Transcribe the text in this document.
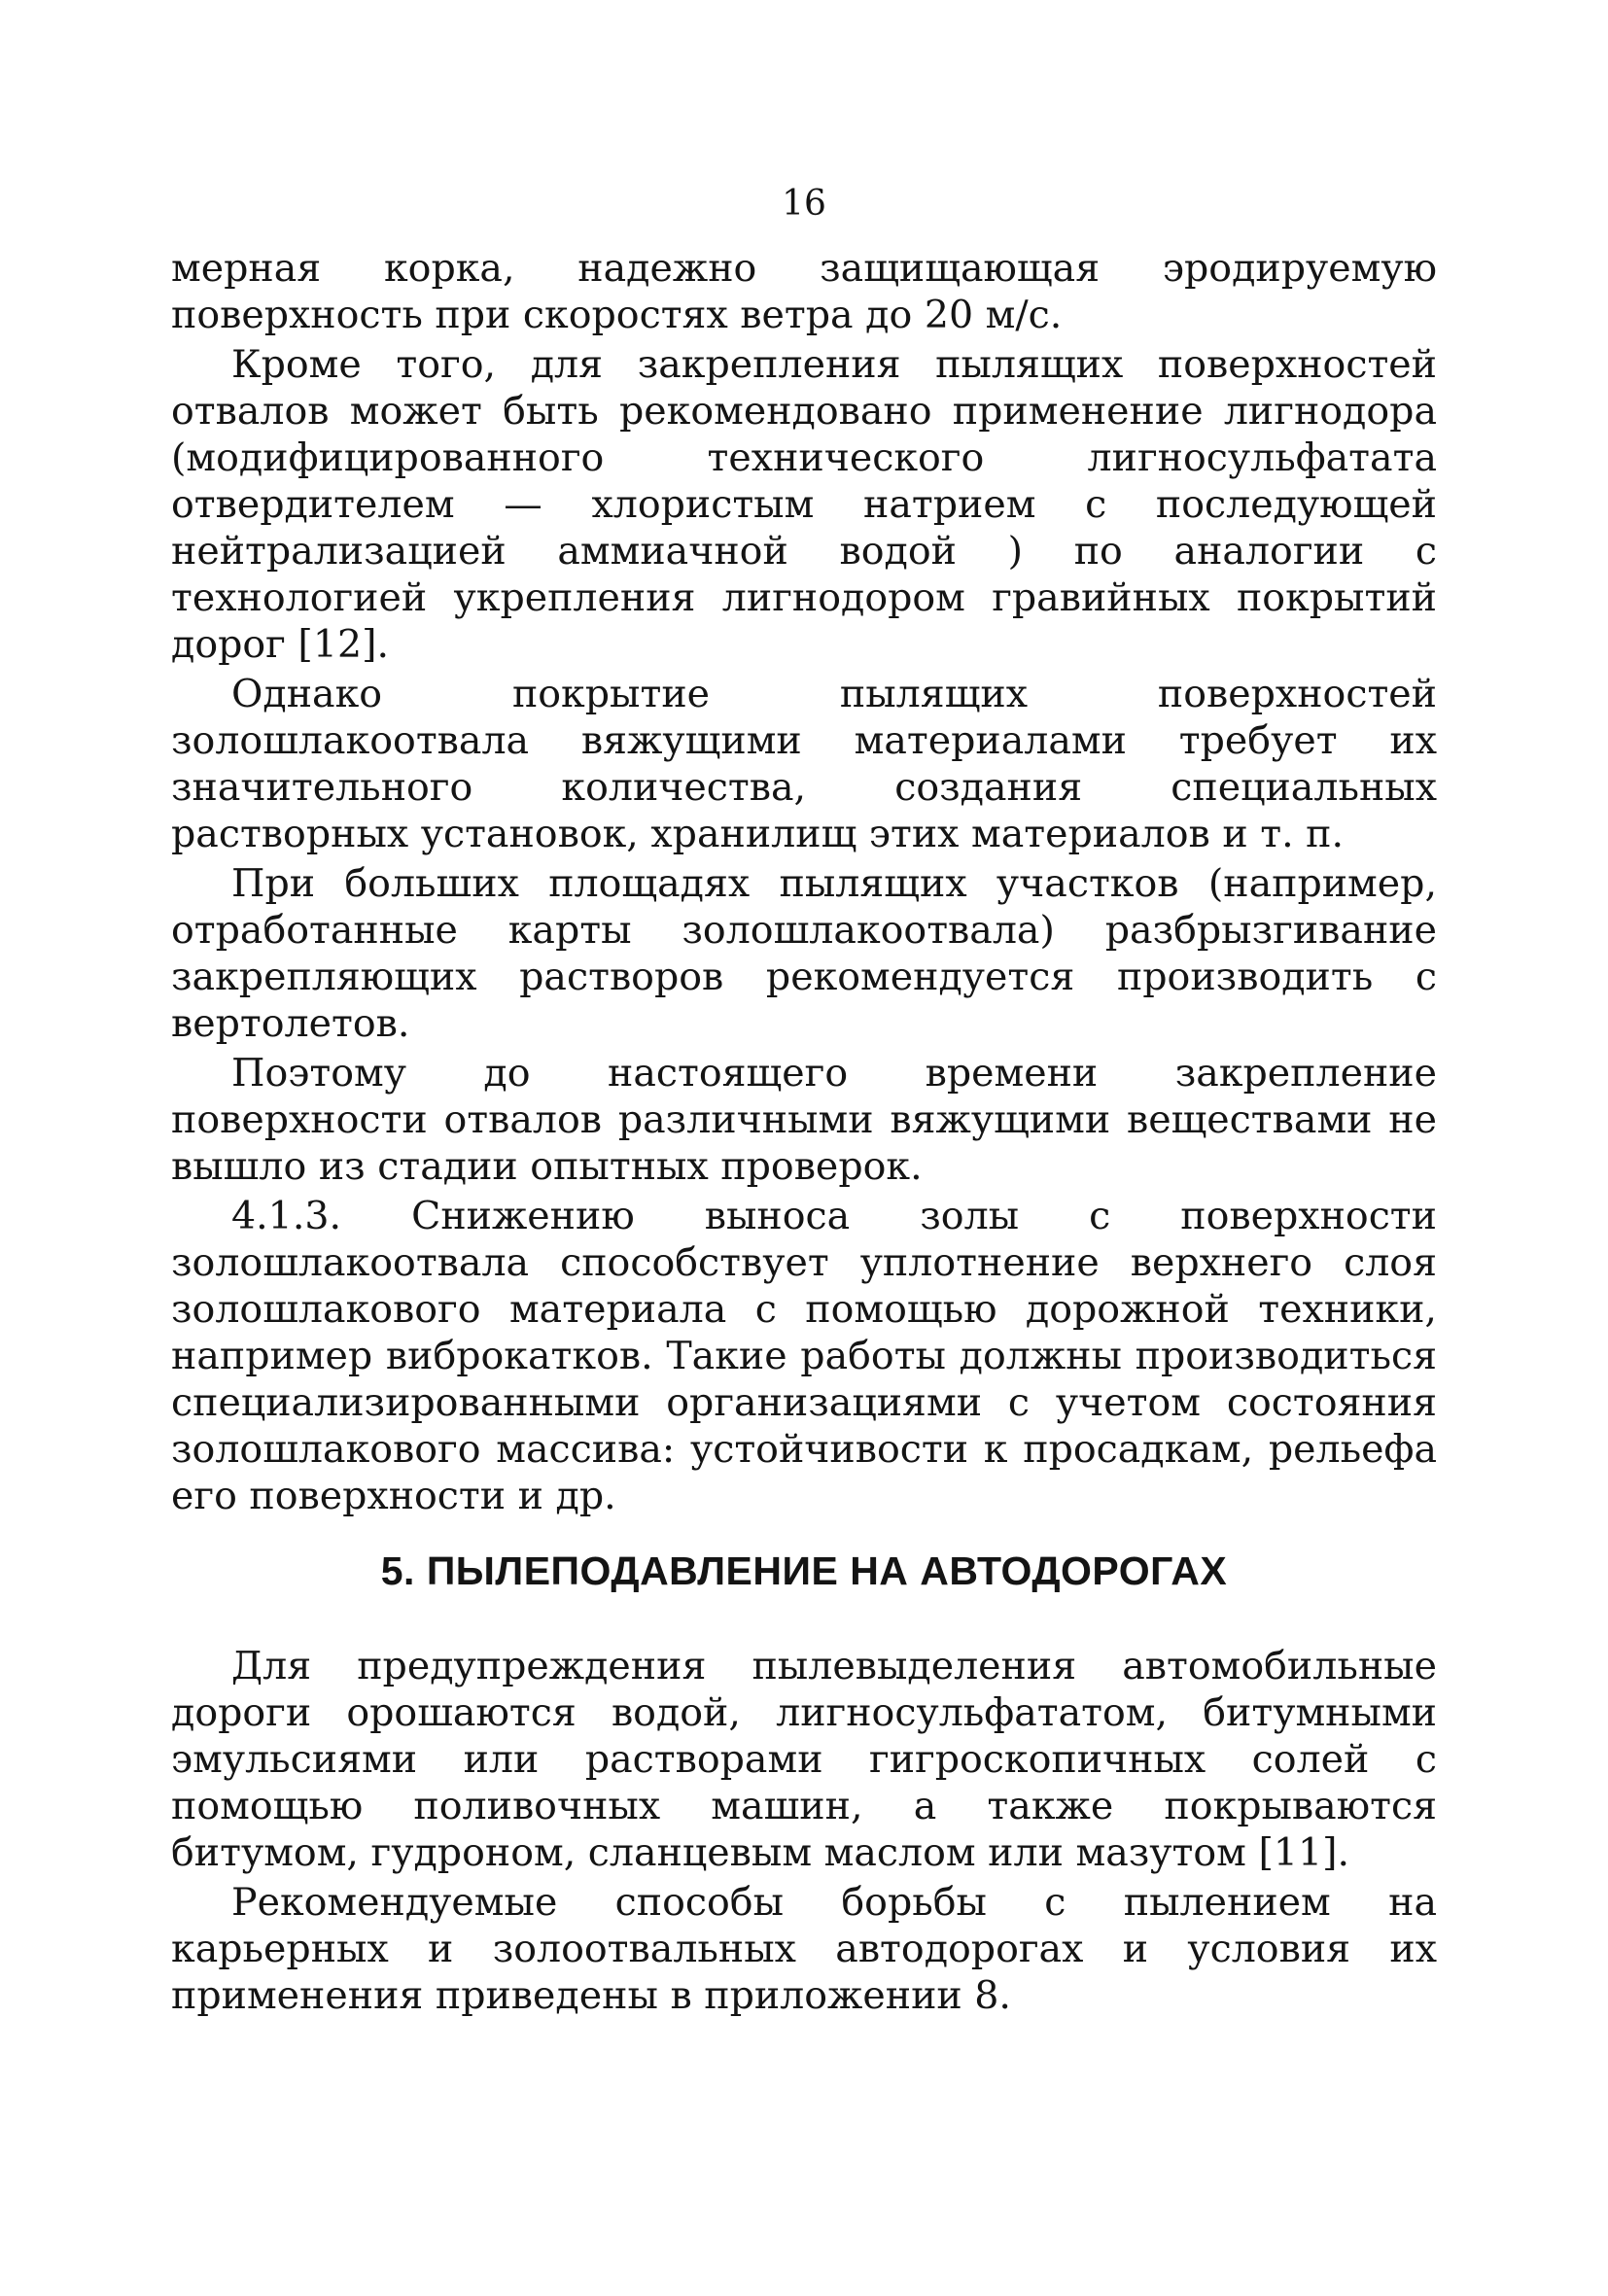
16

мерная корка, надежно защищающая эродируемую поверхность при скоростях ветра до 20 м/с.

Кроме того, для закрепления пылящих поверхностей отвалов может быть рекомендовано применение лигнодора (модифицированного технического лигносульфатата отвердителем — хлористым натрием с последующей нейтрализацией аммиачной водой ) по аналогии с технологией укрепления лигнодором гравийных покрытий дорог [12].

Однако покрытие пылящих поверхностей золошлакоотвала вяжущими материалами требует их значительного количества, создания специальных растворных установок, хранилищ этих материалов и т. п.

При больших площадях пылящих участков (например, отработанные карты золошлакоотвала) разбрызгивание закрепляющих растворов рекомендуется производить с вертолетов.

Поэтому до настоящего времени закрепление поверхности отвалов различными вяжущими веществами не вышло из стадии опытных проверок.

4.1.3. Снижению выноса золы с поверхности золошлакоотвала способствует уплотнение верхнего слоя золошлакового материала с помощью дорожной техники, например виброкатков. Такие работы должны производиться специализированными организациями с учетом состояния золошлакового массива: устойчивости к просадкам, рельефа его поверхности и др.

5. ПЫЛЕПОДАВЛЕНИЕ НА АВТОДОРОГАХ

Для предупреждения пылевыделения автомобильные дороги орошаются водой, лигносульфататом, битумными эмульсиями или растворами гигроскопичных солей с помощью поливочных машин, а также покрываются битумом, гудроном, сланцевым маслом или мазутом [11].

Рекомендуемые способы борьбы с пылением на карьерных и золоотвальных автодорогах и условия их применения приведены в приложении 8.
